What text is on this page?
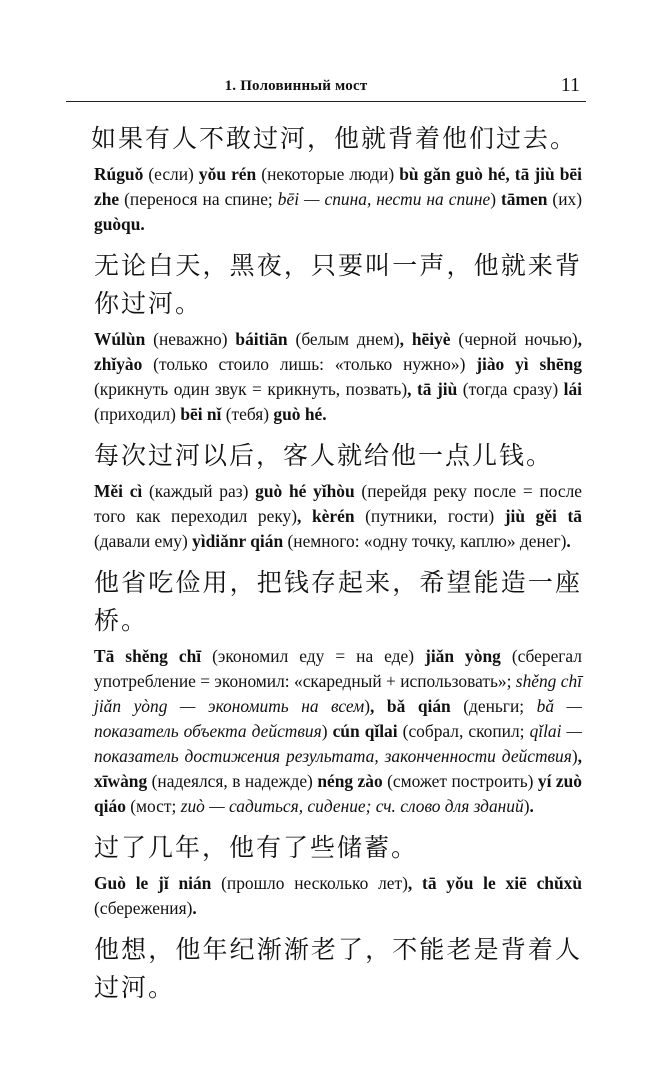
1. Половинный мост	11

如果有人不敢过河，他就背着他们过去。

Rúguǒ (если) yǒu rén (некоторые люди) bù gǎn guò hé, tā jiù bēi zhe (перенося на спине; bēi — спина, нести на спине) tāmen (их) guòqu.

无论白天，黑夜，只要叫一声，他就来背你过河。

Wúlùn (неважно) báitiān (белым днем), hēiyè (черной ночью), zhǐyào (только стоило лишь: «только нужно») jiào yì shēng (крикнуть один звук = крикнуть, позвать), tā jiù (тогда сразу) lái (приходил) bēi nǐ (тебя) guò hé.

每次过河以后，客人就给他一点儿钱。

Měi cì (каждый раз) guò hé yǐhòu (перейдя реку после = после того как переходил реку), kèrén (путники, гости) jiù gěi tā (давали ему) yìdiǎnr qián (немного: «одну точку, каплю» денег).

他省吃俭用，把钱存起来，希望能造一座桥。

Tā shěng chī (экономил еду = на еде) jiǎn yòng (сберегал употребление = экономил: «скаредный + использовать»; shěng chī jiǎn yòng — экономить на всем), bǎ qián (деньги; bǎ — показатель объекта действия) cún qǐlai (собрал, скопил; qǐlai — показатель достижения результата, законченности действия), xīwàng (надеялся, в надежде) néng zào (сможет построить) yí zuò qiáo (мост; zuò — садиться, сидение; сч. слово для зданий).

过了几年，他有了些储蓄。

Guò le jǐ nián (прошло несколько лет), tā yǒu le xiē chǔxù (сбережения).

他想，他年纪渐渐老了，不能老是背着人过河。
